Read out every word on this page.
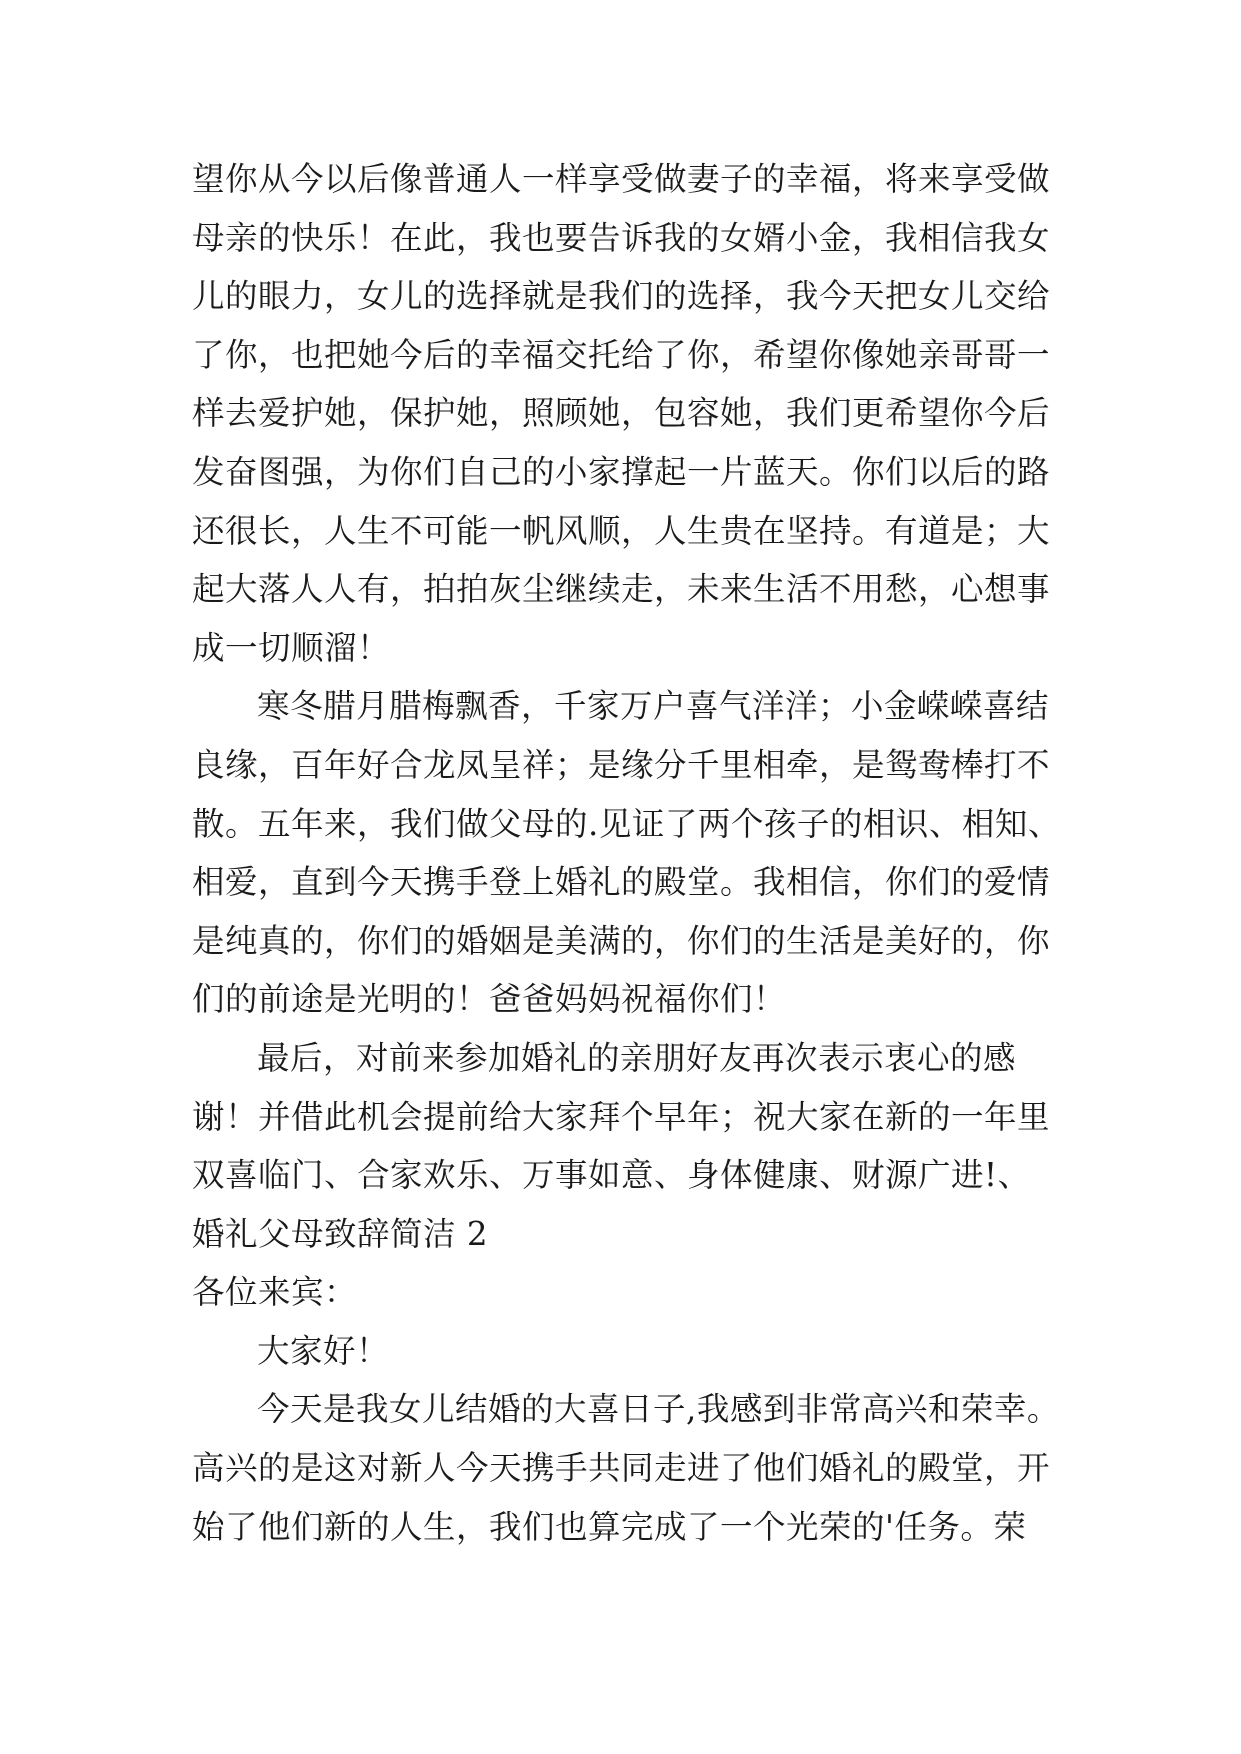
望你从今以后像普通人一样享受做妻子的幸福，将来享受做
母亲的快乐！在此，我也要告诉我的女婿小金，我相信我女
儿的眼力，女儿的选择就是我们的选择，我今天把女儿交给
了你，也把她今后的幸福交托给了你，希望你像她亲哥哥一
样去爱护她，保护她，照顾她，包容她，我们更希望你今后
发奋图强，为你们自己的小家撑起一片蓝天。你们以后的路
还很长，人生不可能一帆风顺，人生贵在坚持。有道是；大
起大落人人有，拍拍灰尘继续走，未来生活不用愁，心想事
成一切顺溜！
寒冬腊月腊梅飘香，千家万户喜气洋洋；小金嵘嵘喜结
良缘，百年好合龙凤呈祥；是缘分千里相牵，是鸳鸯棒打不
散。五年来，我们做父母的.见证了两个孩子的相识、相知、
相爱，直到今天携手登上婚礼的殿堂。我相信，你们的爱情
是纯真的，你们的婚姻是美满的，你们的生活是美好的，你
们的前途是光明的！爸爸妈妈祝福你们！
最后，对前来参加婚礼的亲朋好友再次表示衷心的感
谢！并借此机会提前给大家拜个早年；祝大家在新的一年里
双喜临门、合家欢乐、万事如意、身体健康、财源广进!、
婚礼父母致辞简洁 2
各位来宾：
大家好！
今天是我女儿结婚的大喜日子,我感到非常高兴和荣幸。
高兴的是这对新人今天携手共同走进了他们婚礼的殿堂，开
始了他们新的人生，我们也算完成了一个光荣的'任务。荣
